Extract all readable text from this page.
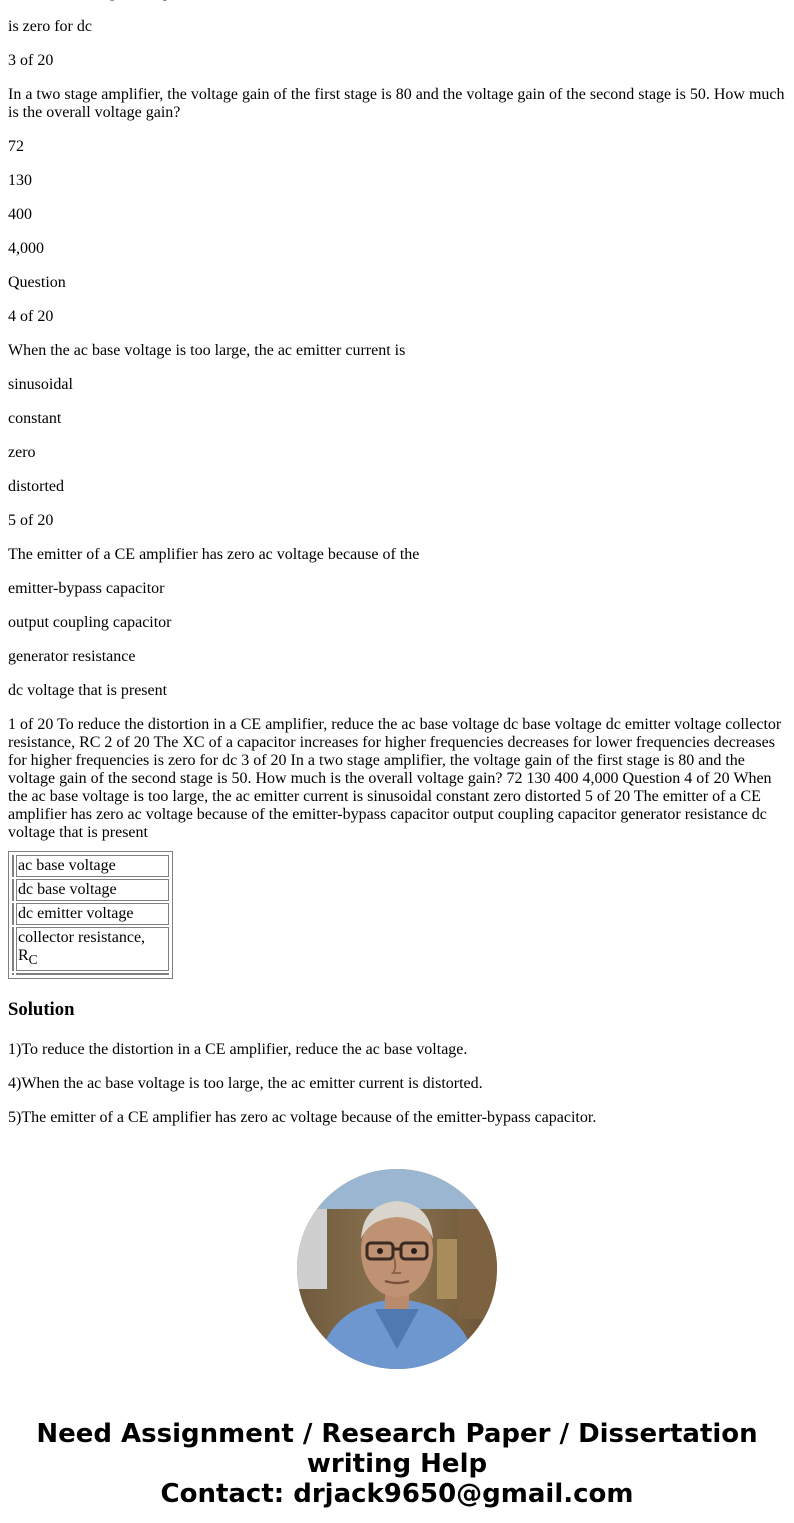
is zero for dc

3 of 20

In a two stage amplifier, the voltage gain of the first stage is 80 and the voltage gain of the second stage is 50. How much is the overall voltage gain?

72

130

400

4,000

Question

4 of 20

When the ac base voltage is too large, the ac emitter current is

sinusoidal

constant

zero

distorted

5 of 20

The emitter of a CE amplifier has zero ac voltage because of the

emitter-bypass capacitor

output coupling capacitor

generator resistance

dc voltage that is present

1 of 20 To reduce the distortion in a CE amplifier, reduce the ac base voltage dc base voltage dc emitter voltage collector resistance, RC 2 of 20 The XC of a capacitor increases for higher frequencies decreases for lower frequencies decreases for higher frequencies is zero for dc 3 of 20 In a two stage amplifier, the voltage gain of the first stage is 80 and the voltage gain of the second stage is 50. How much is the overall voltage gain? 72 130 400 4,000 Question 4 of 20 When the ac base voltage is too large, the ac emitter current is sinusoidal constant zero distorted 5 of 20 The emitter of a CE amplifier has zero ac voltage because of the emitter-bypass capacitor output coupling capacitor generator resistance dc voltage that is present

	ac base voltage
	dc base voltage
	dc emitter voltage
	collector resistance, $R_C$

Solution

1)To reduce the distortion in a CE amplifier, reduce the ac base voltage.

4)When the ac base voltage is too large, the ac emitter current is distorted.

5)The emitter of a CE amplifier has zero ac voltage because of the emitter-bypass capacitor.

Need Assignment / Research Paper / Dissertation
writing Help
Contact: drjack9650@gmail.com
